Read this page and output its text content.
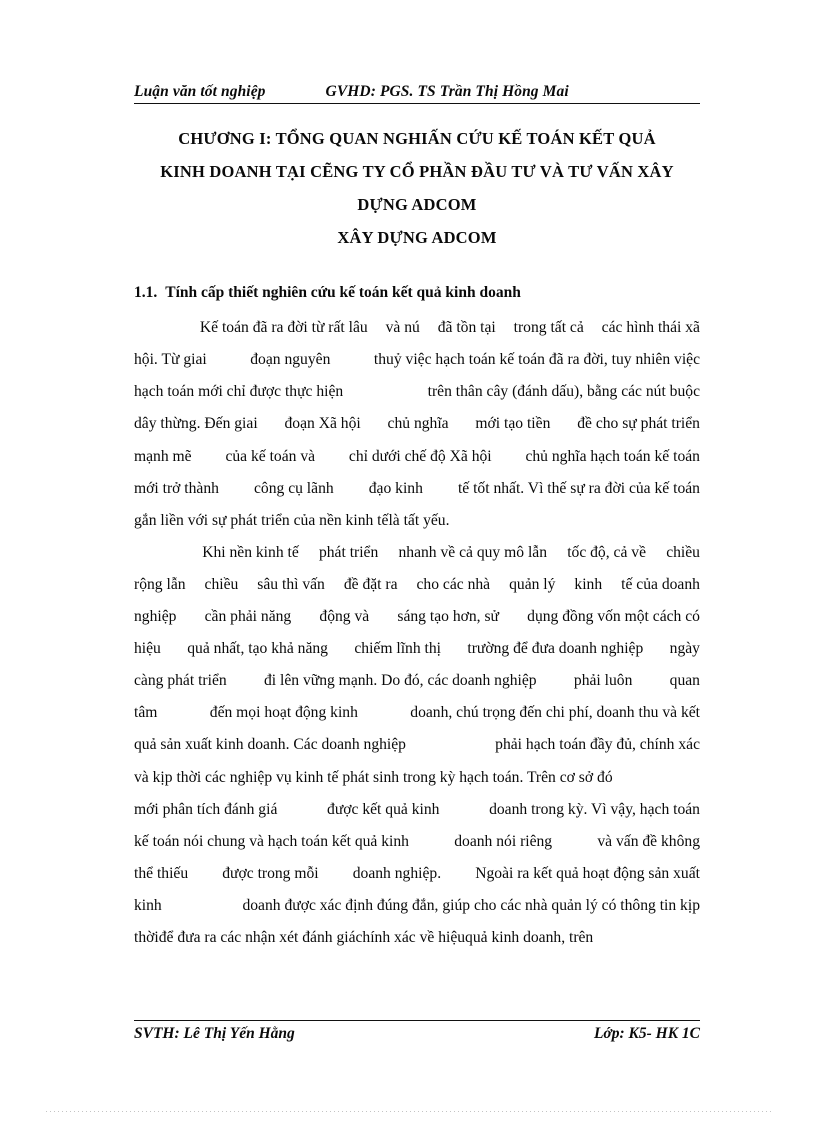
Luận văn tốt nghiệp	GVHD: PGS. TS Trần Thị Hồng Mai
CHƯƠNG I: TỔNG QUAN NGHIẤN CỨU KẾ TOÁN KẾT QUẢ
KINH DOANH TẠI CẼNG TY CỔ PHẦN ĐẦU TƯ VÀ TƯ VẤN XÂY
DỰNG ADCOM
XÂY DỰNG ADCOM
1.1. Tính cấp thiết nghiên cứu kế toán kết quả kinh doanh

Kế toán đã ra đời từ rất lâu và nú đã tồn tại trong tất cả các hình thái xã
hội. Từ giai	đoạn nguyên	thuỷ việc hạch toán kế toán đã ra đời, tuy nhiên việc
hạch toán mới chỉ được thực hiện	trên thân cây (đánh dấu), bằng các nút buộc
dây thừng. Đến giai đoạn Xã hội chủ nghĩa mới tạo tiền đề cho sự phát triển
mạnh mẽ của kế toán và chỉ dưới chế độ Xã hội chủ nghĩa hạch toán kế toán
mới trở thành công cụ lãnh đạo kinh tế tốt nhất. Vì thế sự ra đời của kế toán
gắn liền với sự phát triển của nền kinh tếlà tất yếu.

Khi nền kinh tế phát triển nhanh về cả quy mô lẫn tốc độ, cả về chiều
rộng lẫn chiều sâu thì vấn đề đặt ra cho các nhà quản lý kinh tế của doanh
nghiệp cần phải năng động và sáng tạo hơn, sử dụng đồng vốn một cách có
hiệu quả nhất, tạo khả năng chiếm lĩnh thị trường để đưa doanh nghiệp ngày
càng phát triển đi lên vững mạnh. Do đó, các doanh nghiệp phải luôn quan
tâm	đến mọi hoạt động kinh	doanh, chú trọng đến chi phí, doanh thu và kết
quả sản xuất kinh doanh. Các doanh nghiệp	phải hạch toán đầy đủ, chính xác
và kịp thời các nghiệp vụ kinh tế phát sinh trong kỳ hạch toán. Trên cơ sở đó
mới phân tích đánh giá	được kết quả kinh	doanh trong kỳ. Vì vậy, hạch toán
kế toán nói chung và hạch toán kết quả kinh	doanh nói riêng	và vấn đề không
thể thiếu được trong mỗi doanh nghiệp. Ngoài ra kết quả hoạt động sản xuất
kinh	doanh được xác định đúng đắn, giúp cho các nhà quản lý có thông tin kịp
thờiđể đưa ra các nhận xét đánh giáchính xác về hiệuquả kinh doanh, trên

SVTH: Lê Thị Yến Hằng	Lớp: K5- HK 1C
